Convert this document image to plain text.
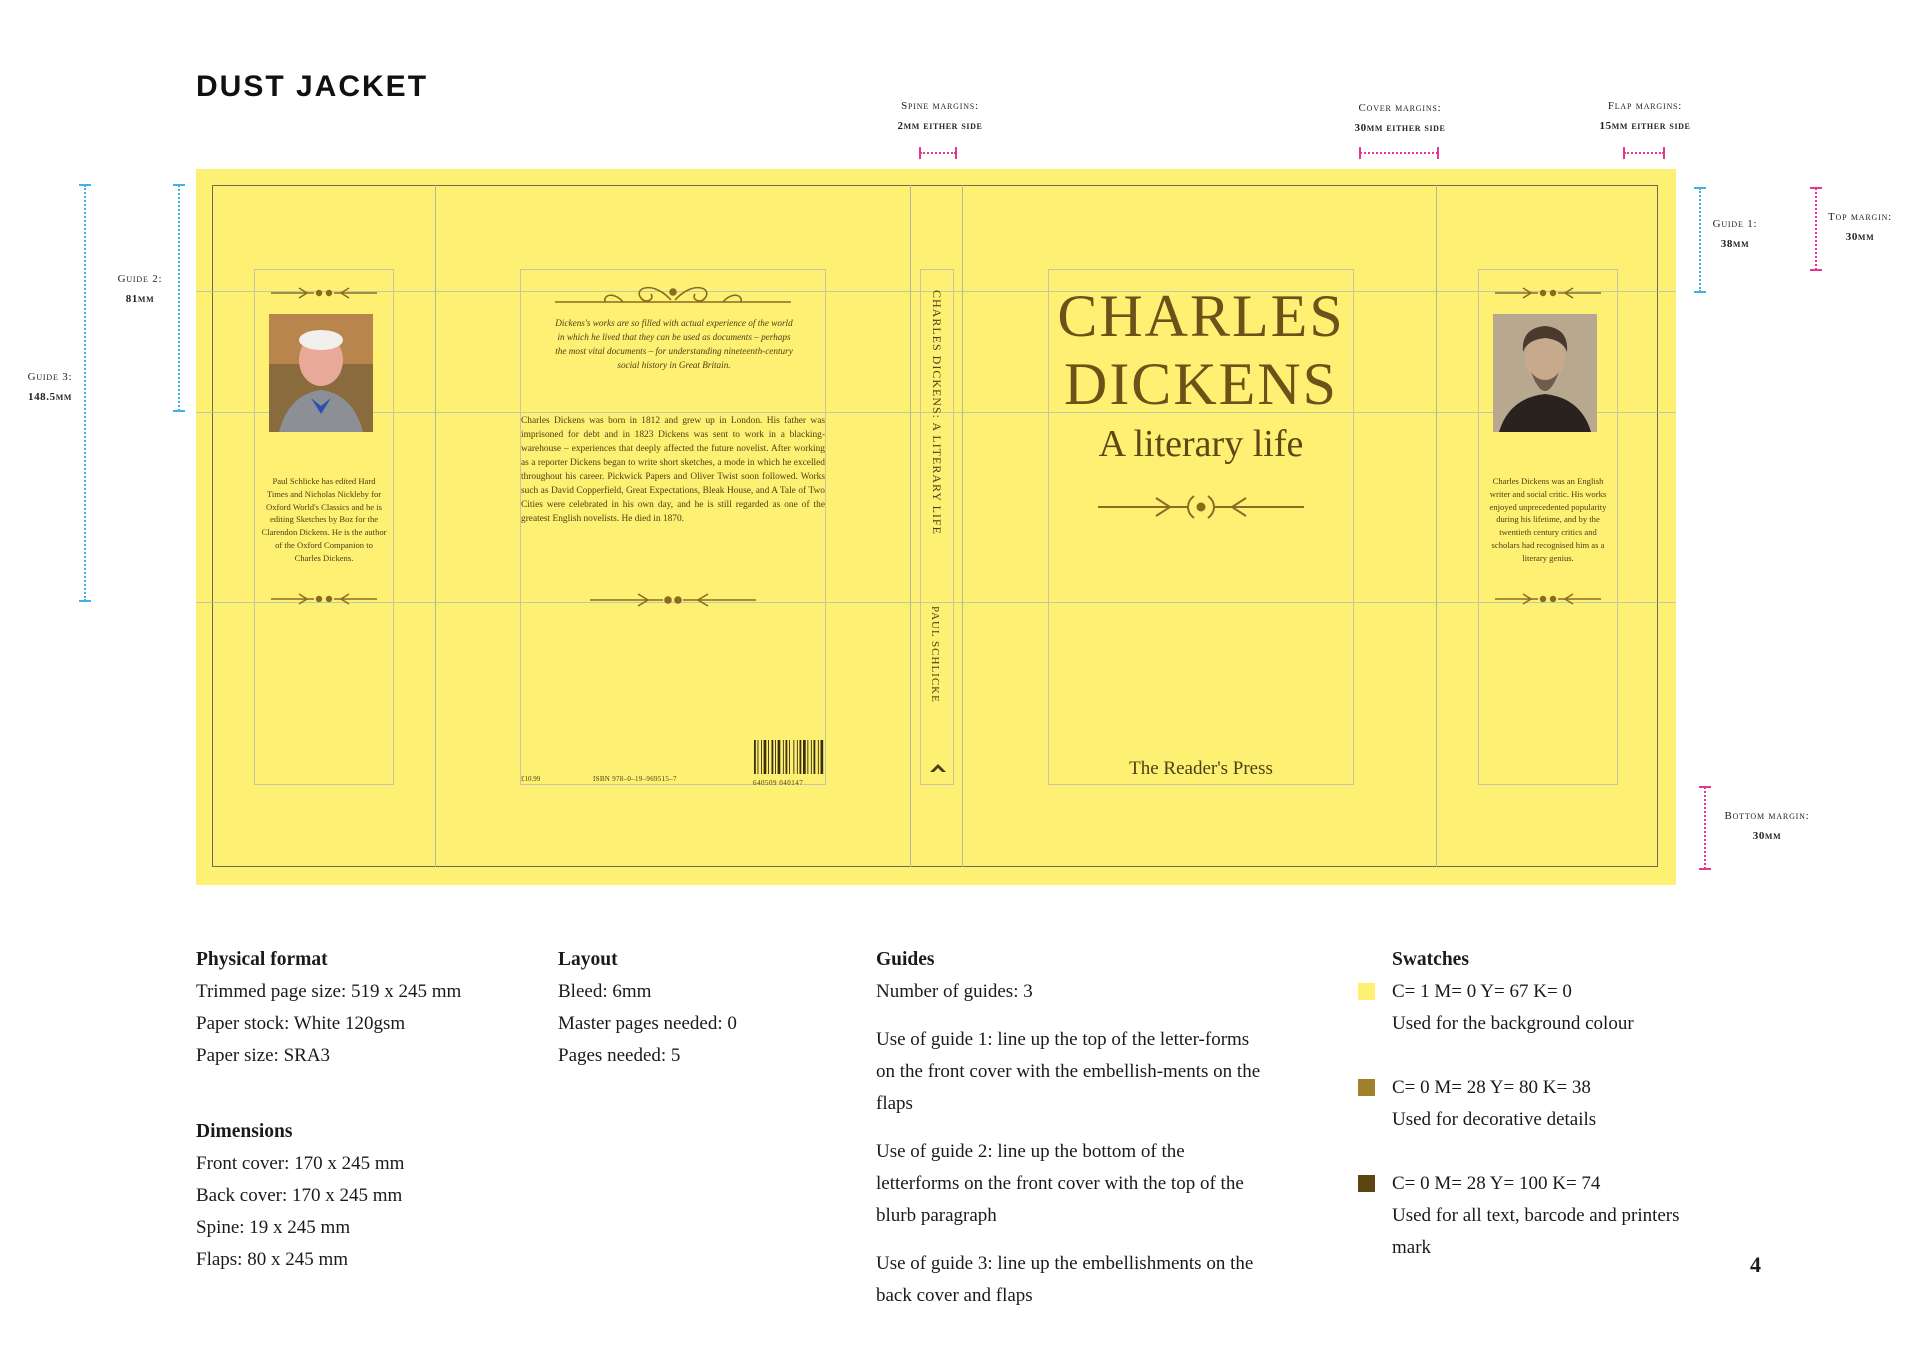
DUST JACKET
Spine margins:
2mm either side
Cover margins:
30mm either side
Flap margins:
15mm either side
Guide 3:
148.5mm
Guide 2:
81mm
Guide 1:
38mm
Top margin:
30mm
Bottom margin:
30mm
Paul Schlicke has edited Hard Times and Nicholas Nickleby for Oxford World's Classics and he is editing Sketches by Boz for the Clarendon Dickens. He is the author of the Oxford Companion to Charles Dickens.
Dickens's works are so filled with actual experience of the world in which he lived that they can be used as documents – perhaps the most vital documents – for understanding nineteenth-century social history in Great Britain.
Charles Dickens was born in 1812 and grew up in London. His father was imprisoned for debt and in 1823 Dickens was sent to work in a blacking-warehouse – experiences that deeply affected the future novelist. After working as a reporter Dickens began to write short sketches, a mode in which he excelled throughout his career. Pickwick Papers and Oliver Twist soon followed. Works such as David Copperfield, Great Expectations, Bleak House, and A Tale of Two Cities were celebrated in his own day, and he is still regarded as one of the greatest English novelists. He died in 1870.
£10.99	ISBN 978–0–19–969515–7	640509 040147
CHARLES DICKENS: A LITERARY LIFE
PAUL SCHLICKE
CHARLES
DICKENS
A literary life
The Reader's Press
Charles Dickens was an English writer and social critic. His works enjoyed unprecedented popularity during his lifetime, and by the twentieth century critics and scholars had recognised him as a literary genius.
Physical format

Trimmed page size: 519 x 245 mm

Paper stock: White 120gsm

Paper size: SRA3

Dimensions

Front cover: 170 x 245 mm

Back cover: 170 x 245 mm

Spine: 19 x 245 mm

Flaps: 80 x 245 mm

Layout

Bleed: 6mm

Master pages needed: 0

Pages needed: 5

Guides

Number of guides: 3

Use of guide 1: line up the top of the letter-forms on the front cover with the embellish-ments on the flaps

Use of guide 2: line up the bottom of the letterforms on the front cover with the top of the blurb paragraph

Use of guide 3: line up the embellishments on the back cover and flaps

Swatches

C= 1 M= 0 Y= 67 K= 0

Used for the background colour

C= 0 M= 28 Y= 80 K= 38

Used for decorative details

C= 0 M= 28 Y= 100 K= 74

Used for all text, barcode and printers mark

4
